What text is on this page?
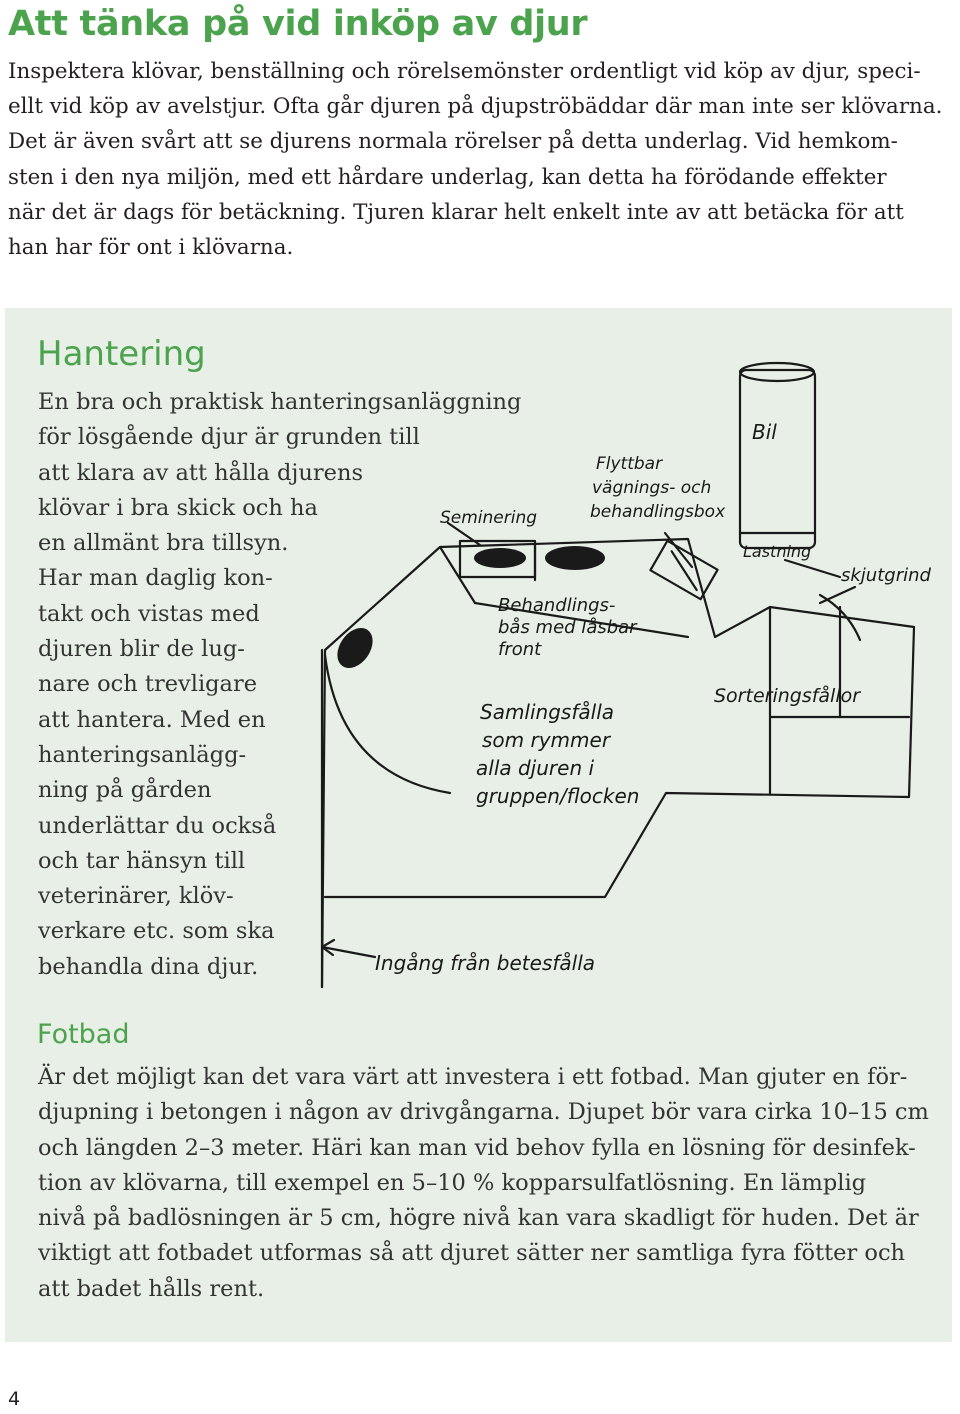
Att tänka på vid inköp av djur

Inspektera klövar, benställning och rörelsemönster ordentligt vid köp av djur, speci-
ellt vid köp av avelstjur. Ofta går djuren på djupströbäddar där man inte ser klövarna.
Det är även svårt att se djurens normala rörelser på detta underlag. Vid hemkom-
sten i den nya miljön, med ett hårdare underlag, kan detta ha förödande effekter
när det är dags för betäckning. Tjuren klarar helt enkelt inte av att betäcka för att
han har för ont i klövarna.

Hantering

En bra och praktisk hanteringsanläggning
för lösgående djur är grunden till
att klara av att hålla djurens
klövar i bra skick och ha
en allmänt bra tillsyn.
Har man daglig kon-
takt och vistas med
djuren blir de lug-
nare och trevligare
att hantera. Med en
hanteringsanlägg-
ning på gården
underlättar du också
och tar hänsyn till
veterinärer, klöv-
verkare etc. som ska
behandla dina djur.

Bil
Flyttbar
vägnings- och
behandlingsbox
Seminering
Lastning
skjutgrind
Behandlings-
bås med låsbar
front
Sorteringsfållor
Samlingsfålla
som rymmer
alla djuren i
gruppen/flocken
Ingång från betesfålla
Fotbad

Är det möjligt kan det vara värt att investera i ett fotbad. Man gjuter en för-
djupning i betongen i någon av drivgångarna. Djupet bör vara cirka 10–15 cm
och längden 2–3 meter. Häri kan man vid behov fylla en lösning för desinfek-
tion av klövarna, till exempel en 5–10 % kopparsulfatlösning. En lämplig
nivå på badlösningen är 5 cm, högre nivå kan vara skadligt för huden. Det är
viktigt att fotbadet utformas så att djuret sätter ner samtliga fyra fötter och
att badet hålls rent.

4
